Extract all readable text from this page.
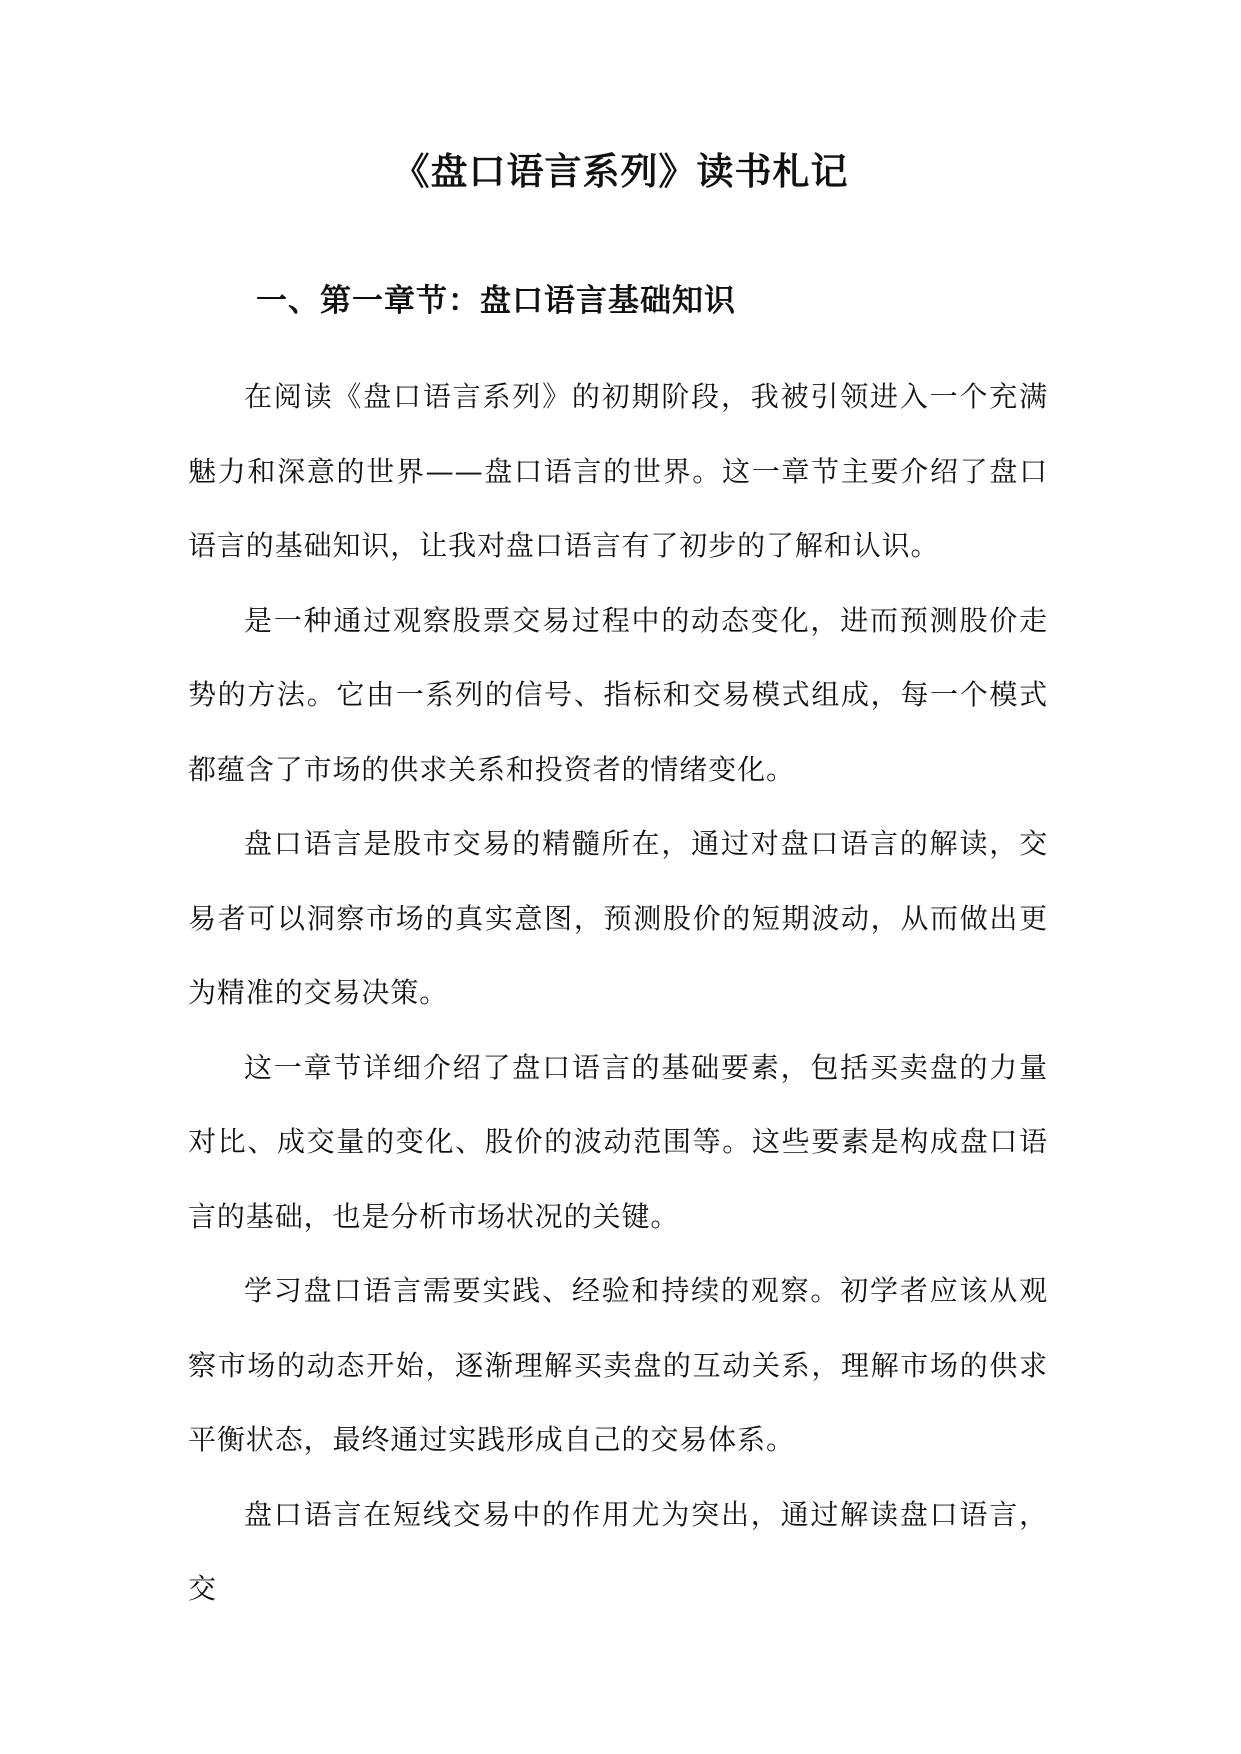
《盘口语言系列》读书札记
一、第一章节：盘口语言基础知识

在阅读《盘口语言系列》的初期阶段，我被引领进入一个充满魅力和深意的世界——盘口语言的世界。这一章节主要介绍了盘口语言的基础知识，让我对盘口语言有了初步的了解和认识。

是一种通过观察股票交易过程中的动态变化，进而预测股价走势的方法。它由一系列的信号、指标和交易模式组成，每一个模式都蕴含了市场的供求关系和投资者的情绪变化。

盘口语言是股市交易的精髓所在，通过对盘口语言的解读，交易者可以洞察市场的真实意图，预测股价的短期波动，从而做出更为精准的交易决策。

这一章节详细介绍了盘口语言的基础要素，包括买卖盘的力量对比、成交量的变化、股价的波动范围等。这些要素是构成盘口语言的基础，也是分析市场状况的关键。

学习盘口语言需要实践、经验和持续的观察。初学者应该从观察市场的动态开始，逐渐理解买卖盘的互动关系，理解市场的供求平衡状态，最终通过实践形成自己的交易体系。

盘口语言在短线交易中的作用尤为突出，通过解读盘口语言，交
